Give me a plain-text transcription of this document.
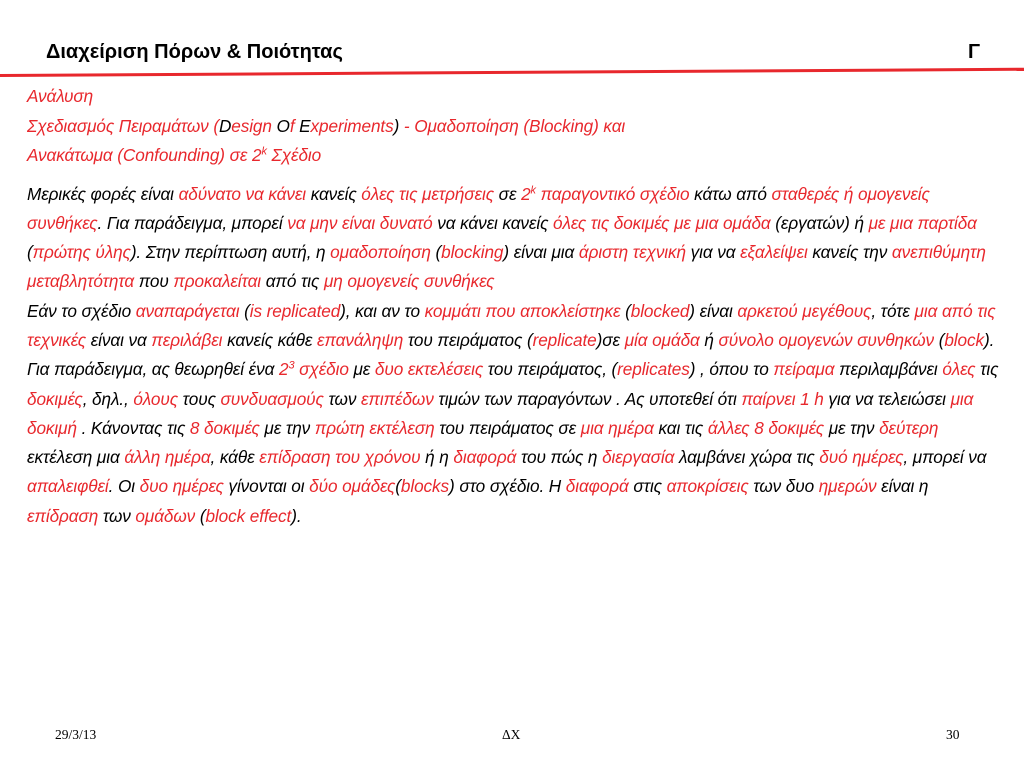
Διαχείριση Πόρων & Ποιότητας	Γ
Ανάλυση
Σχεδιασμός Πειραμάτων (Design Of Experiments) - Ομαδοποίηση (Blocking) και
Ανακάτωμα (Confounding) σε 2$^k$ Σχέδιο

Μερικές φορές είναι αδύνατο να κάνει κανείς όλες τις μετρήσεις σε 2$^k$ παραγοντικό σχέδιο κάτω από σταθερές ή ομογενείς συνθήκες. Για παράδειγμα, μπορεί να μην είναι δυνατό να κάνει κανείς όλες τις δοκιμές με μια ομάδα (εργατών) ή με μια παρτίδα (πρώτης ύλης). Στην περίπτωση αυτή, η ομαδοποίηση (blocking) είναι μια άριστη τεχνική για να εξαλείψει κανείς την ανεπιθύμητη μεταβλητότητα που προκαλείται από τις μη ομογενείς συνθήκες

Εάν το σχέδιο αναπαράγεται (is replicated), και αν το κομμάτι που αποκλείστηκε (blocked) είναι αρκετού μεγέθους, τότε μια από τις τεχνικές είναι να περιλάβει κανείς κάθε επανάληψη του πειράματος (replicate)σε μία ομάδα ή σύνολο ομογενών συνθηκών (block). Για παράδειγμα, ας θεωρηθεί ένα $2^3$ σχέδιο με δυο εκτελέσεις του πειράματος, (replicates) , όπου το πείραμα περιλαμβάνει όλες τις δοκιμές, δηλ., όλους τους συνδυασμούς των επιπέδων τιμών των παραγόντων . Ας υποτεθεί ότι παίρνει 1 h για να τελειώσει μια δοκιμή . Κάνοντας τις 8 δοκιμές με την πρώτη εκτέλεση του πειράματος σε μια ημέρα και τις άλλες 8 δοκιμές με την δεύτερη εκτέλεση μια άλλη ημέρα, κάθε επίδραση του χρόνου ή η διαφορά του πώς η διεργασία λαμβάνει χώρα τις δυό ημέρες, μπορεί να απαλειφθεί. Οι δυο ημέρες γίνονται οι δύο ομάδες(blocks) στο σχέδιο. Η διαφορά στις αποκρίσεις των δυο ημερών είναι η επίδραση των ομάδων (block effect).

29/3/13	ΔΧ	30
